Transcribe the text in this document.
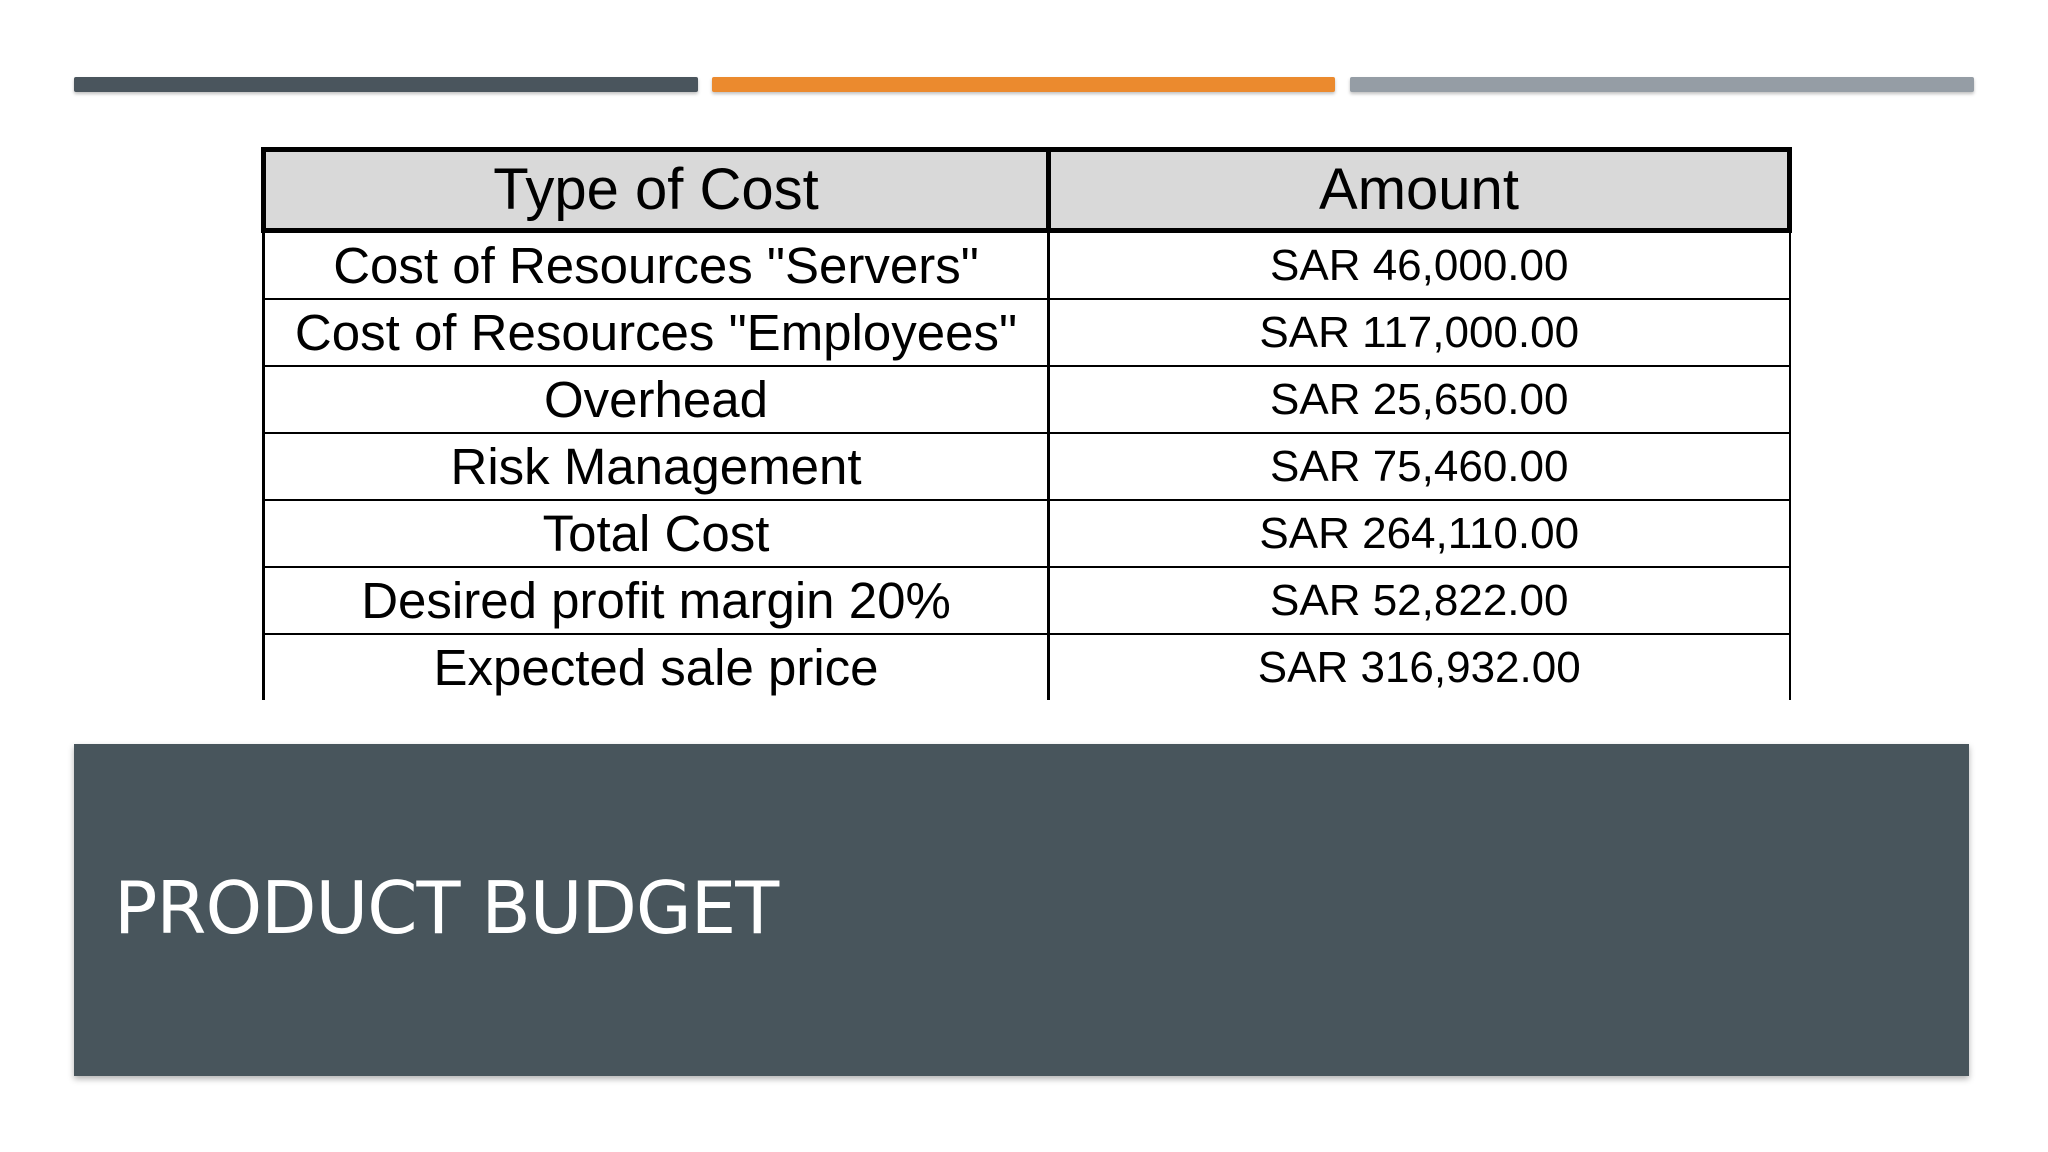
Type of Cost	Amount
Cost of Resources "Servers"	SAR 46,000.00
Cost of Resources "Employees"	SAR 117,000.00
Overhead	SAR 25,650.00
Risk Management	SAR 75,460.00
Total Cost	SAR 264,110.00
Desired profit margin 20%	SAR 52,822.00
Expected sale price	SAR 316,932.00
PRODUCT BUDGET
